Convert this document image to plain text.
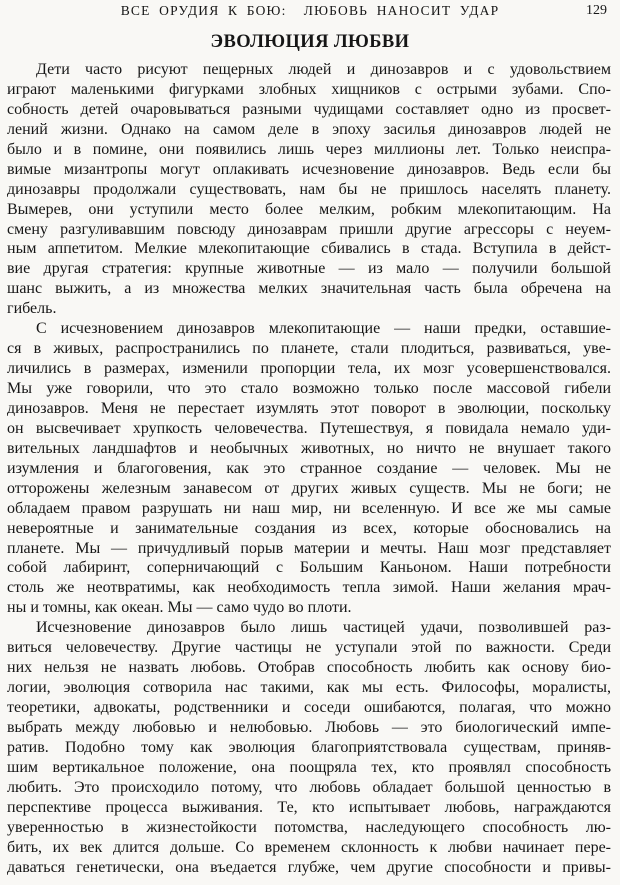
ВСЕ ОРУДИЯ К БОЮ:  ЛЮБОВЬ НАНОСИТ УДАР	129
ЭВОЛЮЦИЯ ЛЮБВИ
Дети часто рисуют пещерных людей и динозавров и с удовольствием
играют маленькими фигурками злобных хищников с острыми зубами. Спо-
собность детей очаровываться разными чудищами составляет одно из просвет-
лений жизни. Однако на самом деле в эпоху засилья динозавров людей не
было и в помине, они появились лишь через миллионы лет. Только неиспра-
вимые мизантропы могут оплакивать исчезновение динозавров. Ведь если бы
динозавры продолжали существовать, нам бы не пришлось населять планету.
Вымерев, они уступили место более мелким, робким млекопитающим. На
смену разгуливавшим повсюду динозаврам пришли другие агрессоры с неуем-
ным аппетитом. Мелкие млекопитающие сбивались в стада. Вступила в дейст-
вие другая стратегия: крупные животные — из мало — получили большой
шанс выжить, а из множества мелких значительная часть была обречена на
гибель.
С исчезновением динозавров млекопитающие — наши предки, оставшие-
ся в живых, распространились по планете, стали плодиться, развиваться, уве-
личились в размерах, изменили пропорции тела, их мозг усовершенствовался.
Мы уже говорили, что это стало возможно только после массовой гибели
динозавров. Меня не перестает изумлять этот поворот в эволюции, поскольку
он высвечивает хрупкость человечества. Путешествуя, я повидала немало уди-
вительных ландшафтов и необычных животных, но ничто не внушает такого
изумления и благоговения, как это странное создание — человек. Мы не
отторожены железным занавесом от других живых существ. Мы не боги; не
обладаем правом разрушать ни наш мир, ни вселенную. И все же мы самые
невероятные и занимательные создания из всех, которые обосновались на
планете. Мы — причудливый порыв материи и мечты. Наш мозг представляет
собой лабиринт, соперничающий с Большим Каньоном. Наши потребности
столь же неотвратимы, как необходимость тепла зимой. Наши желания мрач-
ны и томны, как океан. Мы — само чудо во плоти.
Исчезновение динозавров было лишь частицей удачи, позволившей раз-
виться человечеству. Другие частицы не уступали этой по важности. Среди
них нельзя не назвать любовь. Отобрав способность любить как основу био-
логии, эволюция сотворила нас такими, как мы есть. Философы, моралисты,
теоретики, адвокаты, родственники и соседи ошибаются, полагая, что можно
выбрать между любовью и нелюбовью. Любовь — это биологический импе-
ратив. Подобно тому как эволюция благоприятствовала существам, приняв-
шим вертикальное положение, она поощряла тех, кто проявлял способность
любить. Это происходило потому, что любовь обладает большой ценностью в
перспективе процесса выживания. Те, кто испытывает любовь, награждаются
уверенностью в жизнестойкости потомства, наследующего способность лю-
бить, их век длится дольше. Со временем склонность к любви начинает пере-
даваться генетически, она въедается глубже, чем другие способности и привы-
